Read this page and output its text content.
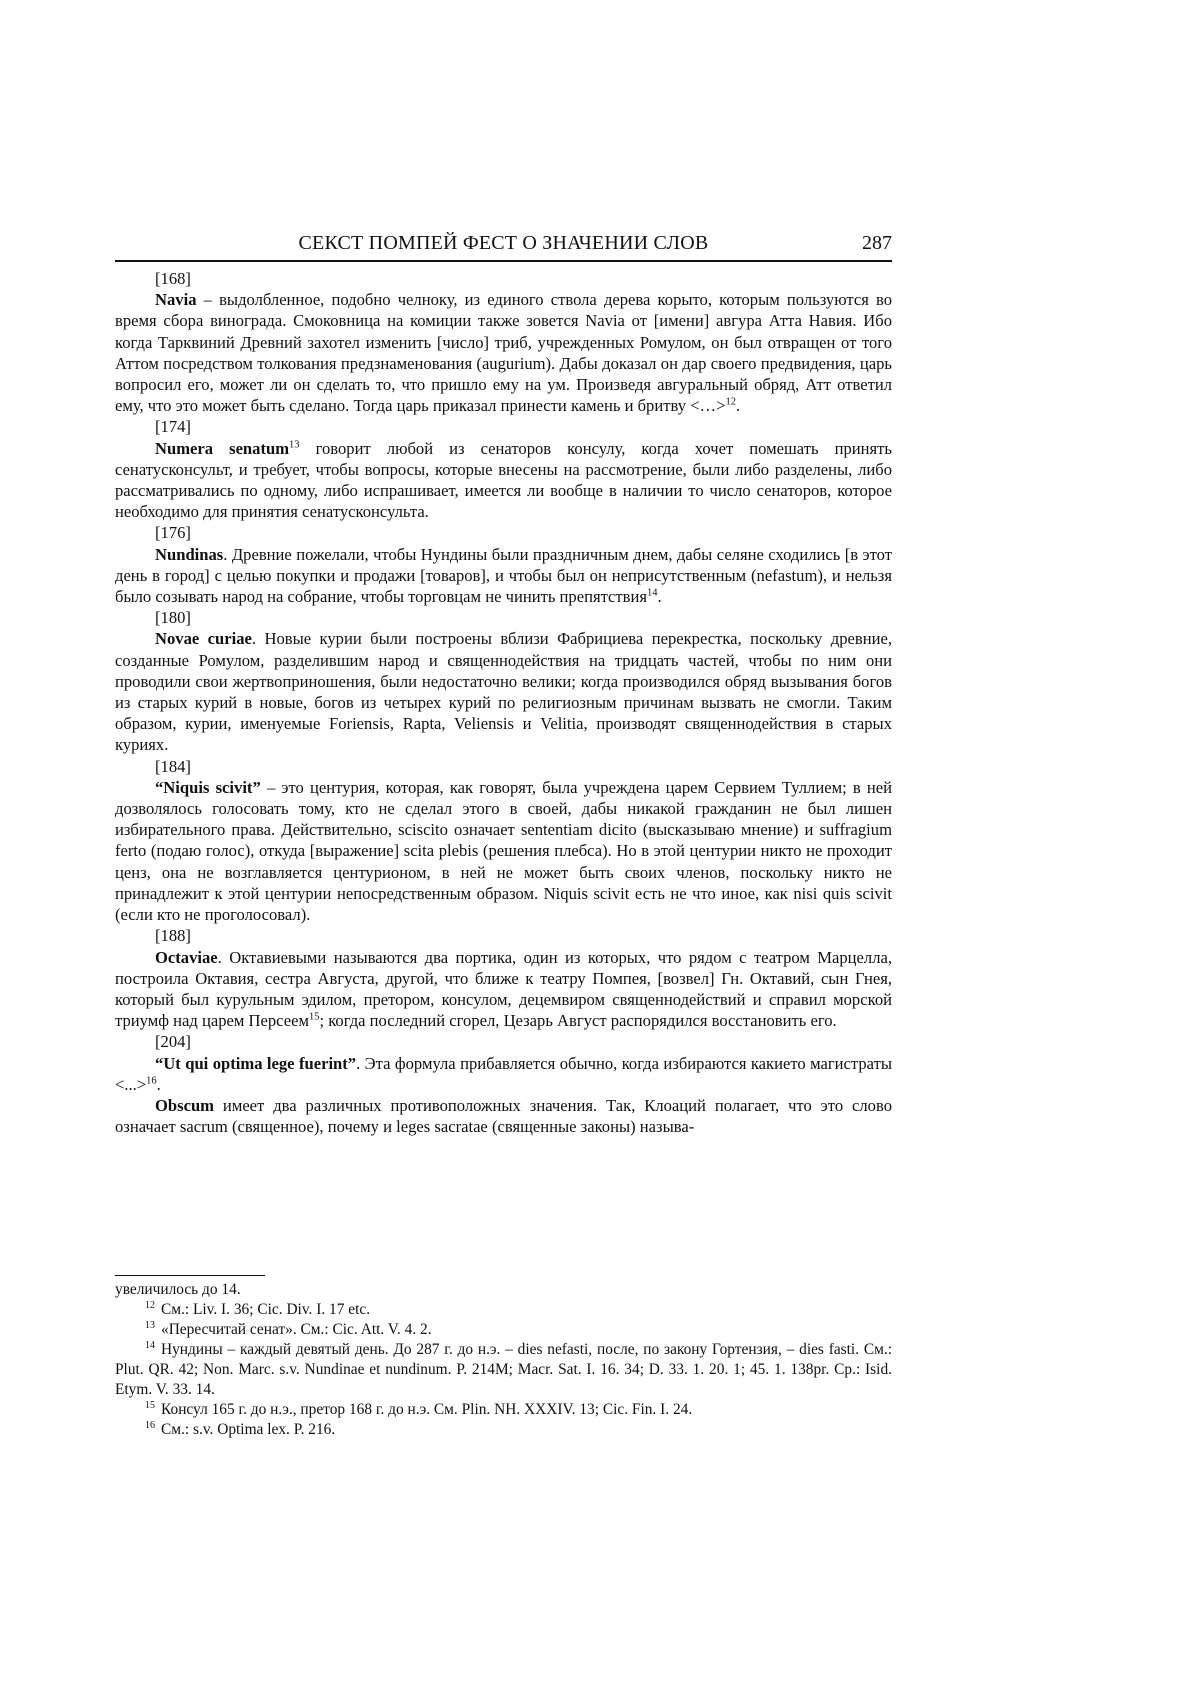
СЕКСТ ПОМПЕЙ ФЕСТ О ЗНАЧЕНИИ СЛОВ	287
[168]

Navia – выдолбленное, подобно челноку, из единого ствола дерева корыто, которым пользуются во время сбора винограда. Смоковница на комиции также зовется Navia от [имени] авгура Атта Навия. Ибо когда Тарквиний Древний захотел изменить [число] триб, учрежденных Ромулом, он был отвращен от того Аттом посредством толкования предзнаменования (augurium). Дабы доказал он дар своего предвидения, царь вопросил его, может ли он сделать то, что пришло ему на ум. Произведя авгуральный обряд, Атт ответил ему, что это может быть сделано. Тогда царь приказал принести камень и бритву <…>$^{12}$.

[174]

Numera senatum$^{13}$ говорит любой из сенаторов консулу, когда хочет помешать принять сенатусконсульт, и требует, чтобы вопросы, которые внесены на рассмотрение, были либо разделены, либо рассматривались по одному, либо испрашивает, имеется ли вообще в наличии то число сенаторов, которое необходимо для принятия сенатусконсульта.

[176]

Nundinas. Древние пожелали, чтобы Нундины были праздничным днем, дабы селяне сходились [в этот день в город] с целью покупки и продажи [товаров], и чтобы был он неприсутственным (nefastum), и нельзя было созывать народ на собрание, чтобы торговцам не чинить препятствия$^{14}$.

[180]

Novae curiae. Новые курии были построены вблизи Фабрициева перекрестка, поскольку древние, созданные Ромулом, разделившим народ и священнодействия на тридцать частей, чтобы по ним они проводили свои жертвоприношения, были недостаточно велики; когда производился обряд вызывания богов из старых курий в новые, богов из четырех курий по религиозным причинам вызвать не смогли. Таким образом, курии, именуемые Foriensis, Rapta, Veliensis и Velitia, производят священнодействия в старых куриях.

[184]

“Niquis scivit” – это центурия, которая, как говорят, была учреждена царем Сервием Туллием; в ней дозволялось голосовать тому, кто не сделал этого в своей, дабы никакой гражданин не был лишен избирательного права. Действительно, sciscito означает sententiam dicito (высказываю мнение) и suffragium ferto (подаю голос), откуда [выражение] scita plebis (решения плебса). Но в этой центурии никто не проходит ценз, она не возглавляется центурионом, в ней не может быть своих членов, поскольку никто не принадлежит к этой центурии непосредственным образом. Niquis scivit есть не что иное, как nisi quis scivit (если кто не проголосовал).

[188]

Octaviae. Октавиевыми называются два портика, один из которых, что рядом с театром Марцелла, построила Октавия, сестра Августа, другой, что ближе к театру Помпея, [возвел] Гн. Октавий, сын Гнея, который был курульным эдилом, претором, консулом, децемвиром священнодействий и справил морской триумф над царем Персеем$^{15}$; когда последний сгорел, Цезарь Август распорядился восстановить его.

[204]

“Ut qui optima lege fuerint”. Эта формула прибавляется обычно, когда избираются какието магистраты <...>$^{16}$.

Obscum имеет два различных противоположных значения. Так, Клоаций полагает, что это слово означает sacrum (священное), почему и leges sacratae (священные законы) называ-

увеличилось до 14.

$^{12}$ См.: Liv. I. 36; Cic. Div. I. 17 etc.

$^{13}$ «Пересчитай сенат». См.: Cic. Att. V. 4. 2.

$^{14}$ Нундины – каждый девятый день. До 287 г. до н.э. – dies nefasti, после, по закону Гортензия, – dies fasti. См.: Plut. QR. 42; Non. Marc. s.v. Nundinae et nundinum. P. 214M; Macr. Sat. I. 16. 34; D. 33. 1. 20. 1; 45. 1. 138pr. Ср.: Isid. Etym. V. 33. 14.

$^{15}$ Консул 165 г. до н.э., претор 168 г. до н.э. См. Plin. NH. XXXIV. 13; Cic. Fin. I. 24.

$^{16}$ См.: s.v. Optima lex. P. 216.
